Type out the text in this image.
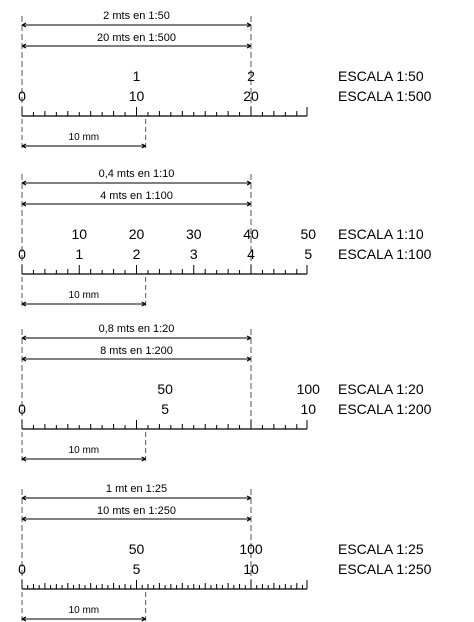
2 mts en 1:50
20 mts en 1:500
1	2
0	10	20
ESCALA 1:50
ESCALA 1:500
10 mm
0,4 mts en 1:10
4 mts en 1:100
10	20	30	40	50
0	1	2	3	4	5
ESCALA 1:10
ESCALA 1:100
10 mm
0,8 mts en 1:20
8 mts en 1:200
50	100
0	5	10
ESCALA 1:20
ESCALA 1:200
10 mm
1 mt en 1:25
10 mts en 1:250
50	100
0	5	10
ESCALA 1:25
ESCALA 1:250
10 mm
